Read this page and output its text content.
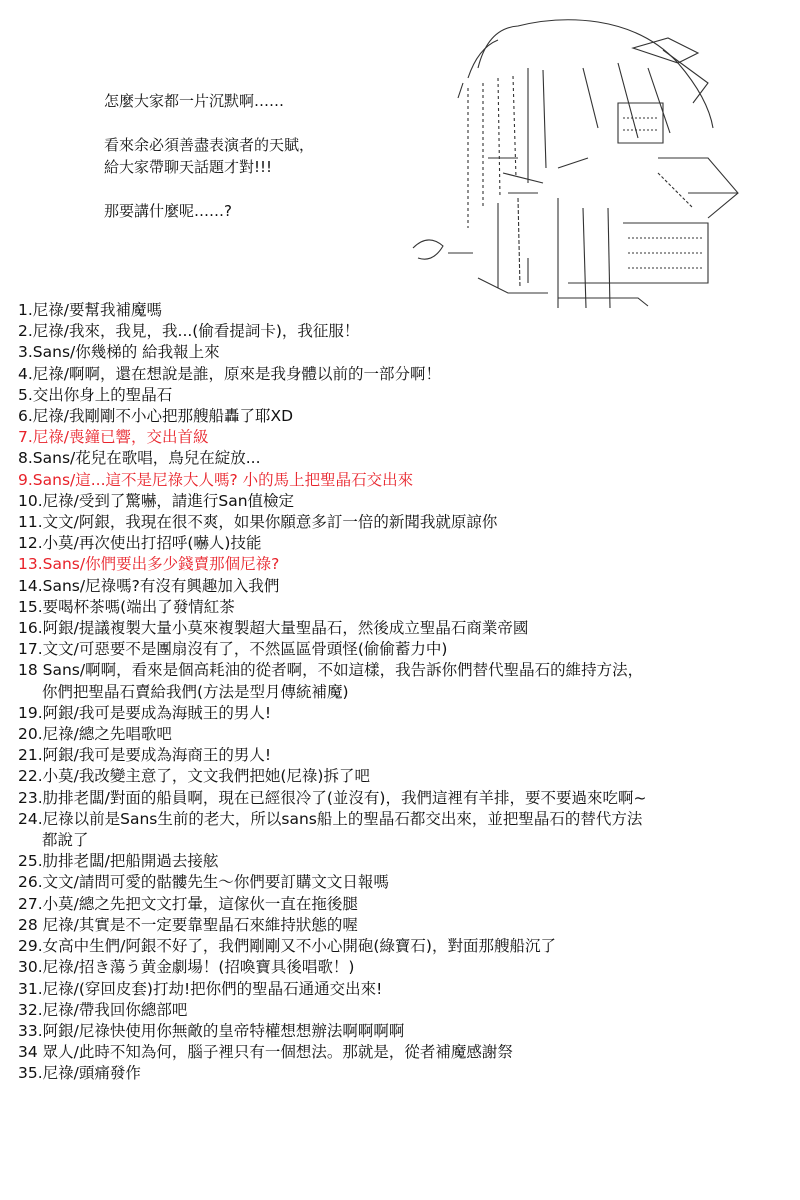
怎麼大家都一片沉默啊……

看來余必須善盡表演者的天賦，

給大家帶聊天話題才對!!!

那要講什麼呢……?

1.尼祿/要幫我補魔嗎
2.尼祿/我來，我見，我...(偷看提詞卡)，我征服！
3.Sans/你幾梯的 給我報上來
4.尼祿/啊啊，還在想說是誰，原來是我身體以前的一部分啊！
5.交出你身上的聖晶石
6.尼祿/我剛剛不小心把那艘船轟了耶XD
7.尼祿/喪鐘已響，交出首級
8.Sans/花兒在歌唱，鳥兒在綻放...
9.Sans/這...這不是尼祿大人嗎? 小的馬上把聖晶石交出來
10.尼祿/受到了驚嚇，請進行San值檢定
11.文文/阿銀，我現在很不爽，如果你願意多訂一倍的新聞我就原諒你
12.小莫/再次使出打招呼(嚇人)技能
13.Sans/你們要出多少錢賣那個尼祿?
14.Sans/尼祿嗎?有沒有興趣加入我們
15.要喝杯茶嗎(端出了發情紅茶
16.阿銀/提議複製大量小莫來複製超大量聖晶石，然後成立聖晶石商業帝國
17.文文/可惡要不是團扇沒有了，不然區區骨頭怪(偷偷蓄力中)
18 Sans/啊啊，看來是個高耗油的從者啊，不如這樣，我告訴你們替代聖晶石的維持方法，
你們把聖晶石賣給我們(方法是型月傳統補魔)
19.阿銀/我可是要成為海賊王的男人!
20.尼祿/總之先唱歌吧
21.阿銀/我可是要成為海商王的男人!
22.小莫/我改變主意了，文文我們把她(尼祿)拆了吧
23.肋排老闆/對面的船員啊，現在已經很冷了(並沒有)，我們這裡有羊排，要不要過來吃啊~
24.尼祿以前是Sans生前的老大，所以sans船上的聖晶石都交出來，並把聖晶石的替代方法
都說了
25.肋排老闆/把船開過去接舷
26.文文/請問可愛的骷髏先生～你們要訂購文文日報嗎
27.小莫/總之先把文文打暈，這傢伙一直在拖後腿
28 尼祿/其實是不一定要靠聖晶石來維持狀態的喔
29.女高中生們/阿銀不好了，我們剛剛又不小心開砲(綠寶石)，對面那艘船沉了
30.尼祿/招き蕩う黄金劇場！(招喚寶具後唱歌！)
31.尼祿/(穿回皮套)打劫!把你們的聖晶石通通交出來!
32.尼祿/帶我回你總部吧
33.阿銀/尼祿快使用你無敵的皇帝特權想想辦法啊啊啊啊
34 眾人/此時不知為何，腦子裡只有一個想法。那就是，從者補魔感謝祭
35.尼祿/頭痛發作
